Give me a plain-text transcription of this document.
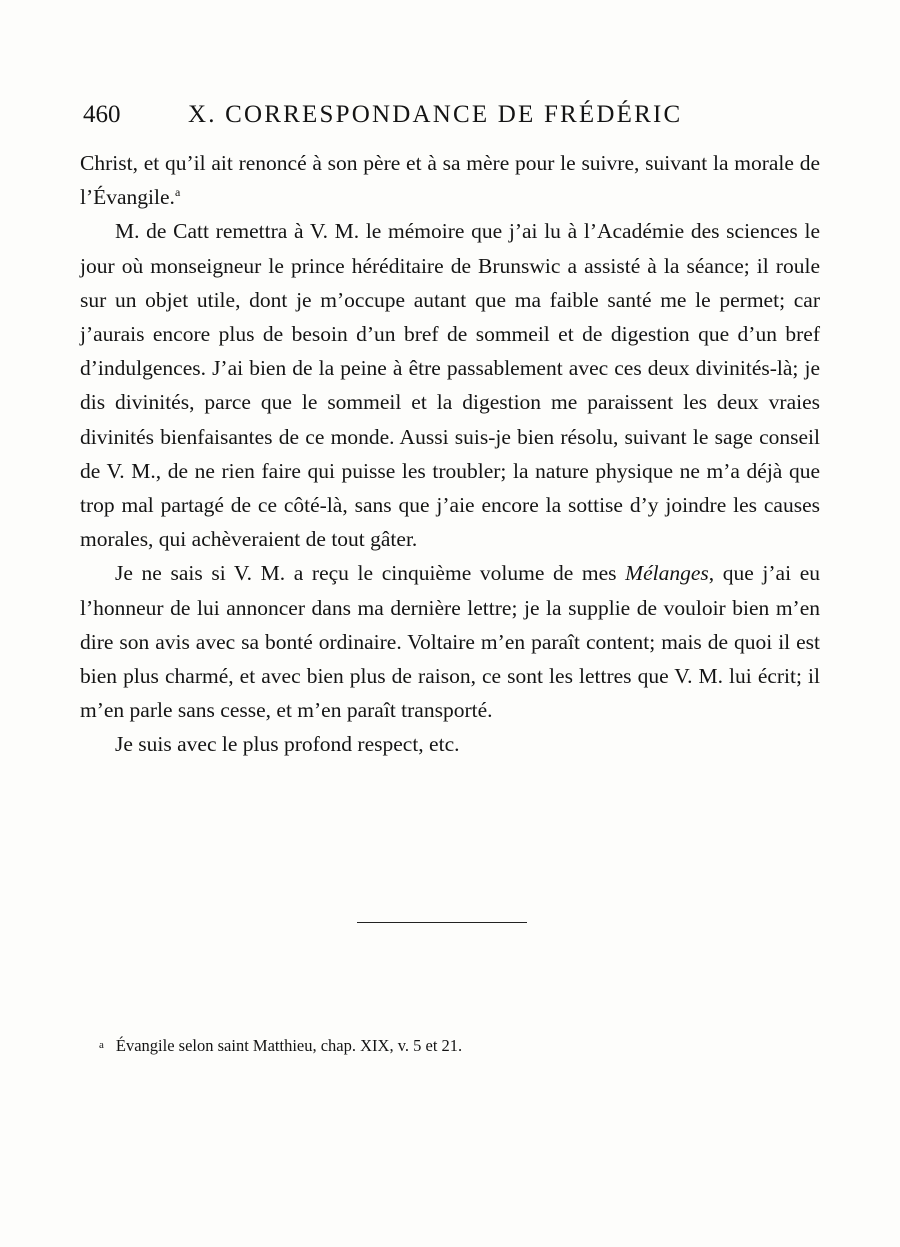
460	X. CORRESPONDANCE DE FRÉDÉRIC

Christ, et qu’il ait renoncé à son père et à sa mère pour le suivre, suivant la morale de l’Évangile.$^a$

M. de Catt remettra à V. M. le mémoire que j’ai lu à l’Académie des sciences le jour où monseigneur le prince héréditaire de Brunswic a assisté à la séance; il roule sur un objet utile, dont je m’occupe autant que ma faible santé me le permet; car j’aurais encore plus de besoin d’un bref de sommeil et de digestion que d’un bref d’indulgences. J’ai bien de la peine à être passablement avec ces deux divinités-là; je dis divinités, parce que le sommeil et la digestion me paraissent les deux vraies divinités bienfaisantes de ce monde. Aussi suis-je bien résolu, suivant le sage conseil de V. M., de ne rien faire qui puisse les troubler; la nature physique ne m’a déjà que trop mal partagé de ce côté-là, sans que j’aie encore la sottise d’y joindre les causes morales, qui achèveraient de tout gâter.

Je ne sais si V. M. a reçu le cinquième volume de mes Mélanges, que j’ai eu l’honneur de lui annoncer dans ma dernière lettre; je la supplie de vouloir bien m’en dire son avis avec sa bonté ordinaire. Voltaire m’en paraît content; mais de quoi il est bien plus charmé, et avec bien plus de raison, ce sont les lettres que V. M. lui écrit; il m’en parle sans cesse, et m’en paraît transporté.

Je suis avec le plus profond respect, etc.

a Évangile selon saint Matthieu, chap. XIX, v. 5 et 21.
